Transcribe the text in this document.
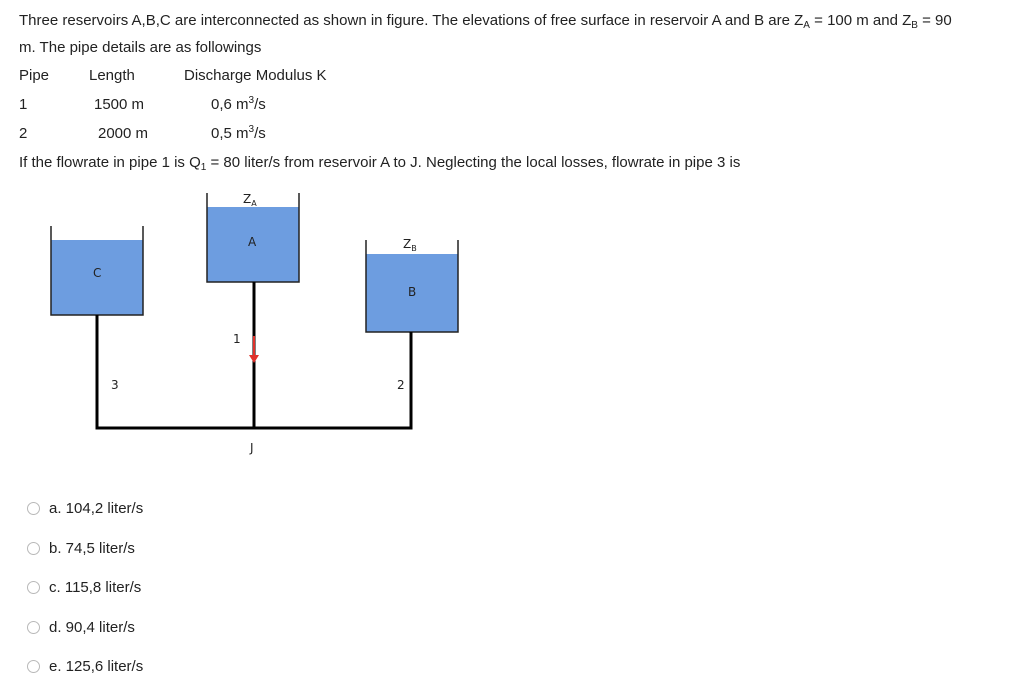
Three reservoirs A,B,C are interconnected as shown in figure. The elevations of free surface in reservoir A and B are $Z_A = 100$ m and $Z_B = 90$
m. The pipe details are as followings
Pipe	Length	Discharge Modulus K
1	1500 m	0,6 $m^3/s$
2	2000 m	0,5 $m^3/s$
If the flowrate in pipe 1 is $Q_1 = 80$ liter/s from reservoir A to J. Neglecting the local losses, flowrate in pipe 3 is
$Z_A$
A	$Z_B$
B
C
1
2
3
J
a. 104,2 liter/s
b. 74,5 liter/s
c. 115,8 liter/s
d. 90,4 liter/s
e. 125,6 liter/s
